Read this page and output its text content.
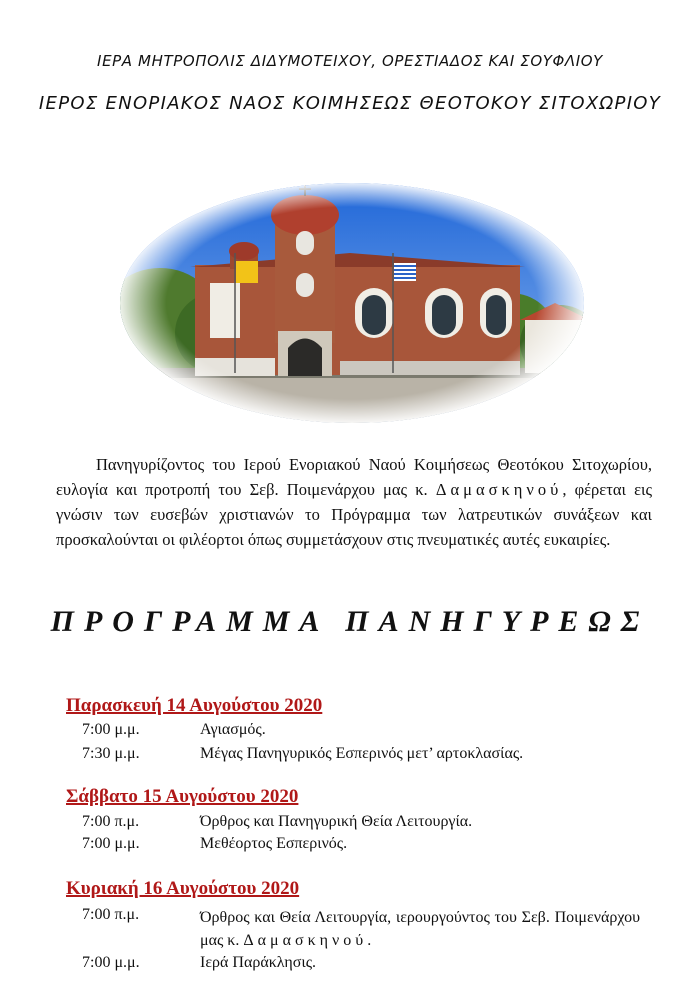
ΙΕΡΑ ΜΗΤΡΟΠΟΛΙΣ ΔΙΔΥΜΟΤΕΙΧΟΥ, ΟΡΕΣΤΙΑΔΟΣ ΚΑΙ ΣΟΥΦΛΙΟΥ
ΙΕΡΟΣ ΕΝΟΡΙΑΚΟΣ ΝΑΟΣ ΚΟΙΜΗΣΕΩΣ ΘΕΟΤΟΚΟΥ ΣΙΤΟΧΩΡΙΟΥ

Πανηγυρίζοντος του Ιερού Ενοριακού Ναού Κοιμήσεως Θεοτόκου Σιτοχωρίου, ευλογία και προτροπή του Σεβ. Ποιμενάρχου μας κ. Δαμασκηνού, φέρεται εις γνώσιν των ευσεβών χριστιανών το Πρόγραμμα των λατρευτικών συνάξεων και προσκαλούνται οι φιλέορτοι όπως συμμετάσχουν στις πνευματικές αυτές ευκαιρίες.

ΠΡΟΓΡΑΜΜΑ ΠΑΝΗΓΥΡΕΩΣ
Παρασκευή 14 Αυγούστου 2020
7:00 μ.μ.	Αγιασμός.
7:30 μ.μ.	Μέγας Πανηγυρικός Εσπερινός μετ’ αρτοκλασίας.
Σάββατο 15 Αυγούστου 2020
7:00 π.μ.	Όρθρος και Πανηγυρική Θεία Λειτουργία.
7:00 μ.μ.	Μεθέορτος Εσπερινός.
Κυριακή 16 Αυγούστου 2020
7:00 π.μ.	Όρθρος και Θεία Λειτουργία, ιερουργούντος του Σεβ. Ποιμενάρχου μας κ. Δαμασκηνού.
7:00 μ.μ.	Ιερά Παράκλησις.
